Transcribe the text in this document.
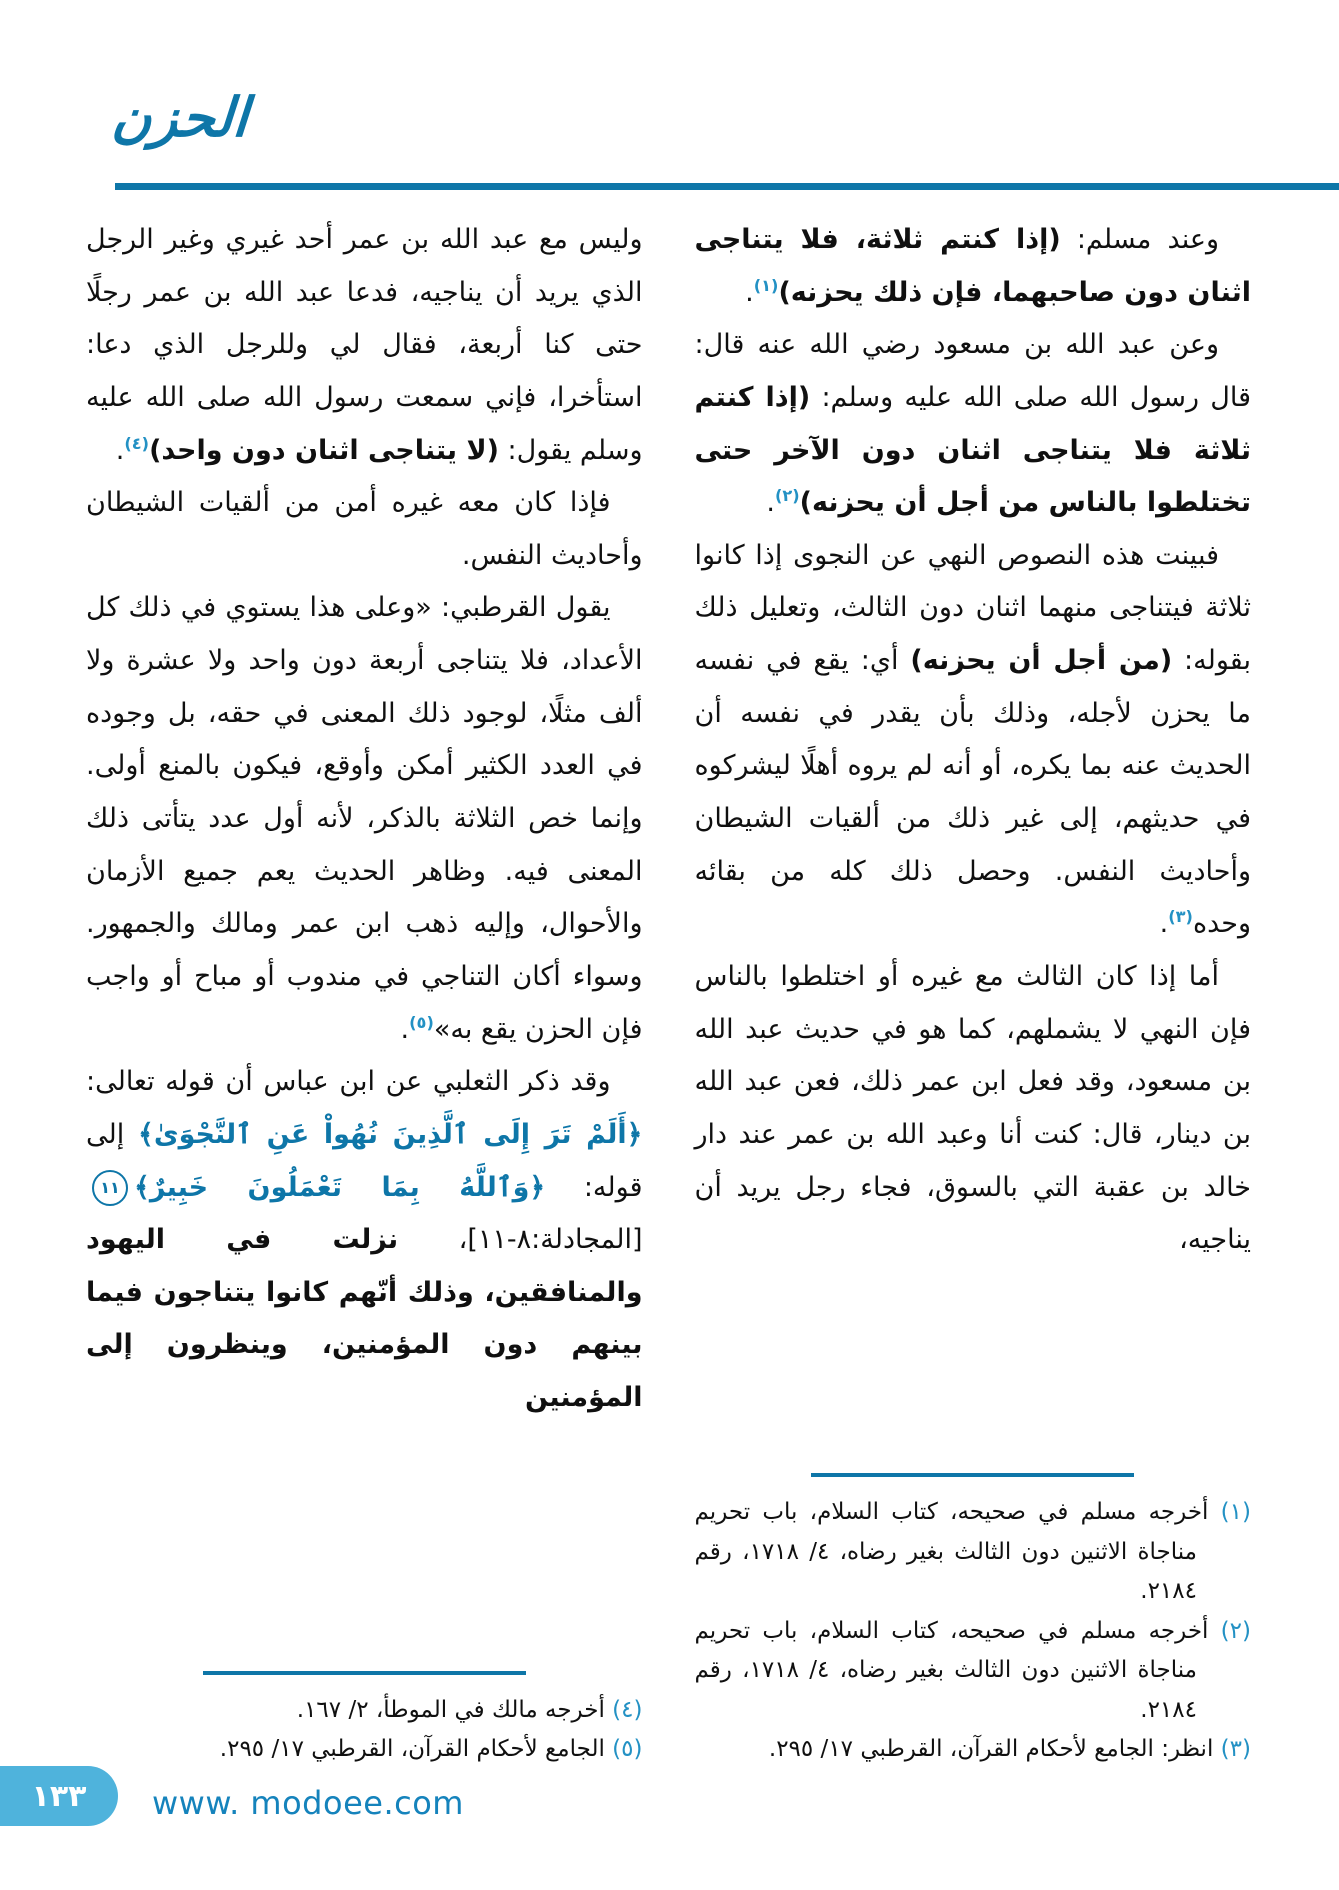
الحزن

وعند مسلم: (إذا كنتم ثلاثة، فلا يتناجى اثنان دون صاحبهما، فإن ذلك يحزنه)$^{(١)}$.

وعن عبد الله بن مسعود رضي الله عنه قال: قال رسول الله صلى الله عليه وسلم: (إذا كنتم ثلاثة فلا يتناجى اثنان دون الآخر حتى تختلطوا بالناس من أجل أن يحزنه)$^{(٢)}$.

فبينت هذه النصوص النهي عن النجوى إذا كانوا ثلاثة فيتناجى منهما اثنان دون الثالث، وتعليل ذلك بقوله: (من أجل أن يحزنه) أي: يقع في نفسه ما يحزن لأجله، وذلك بأن يقدر في نفسه أن الحديث عنه بما يكره، أو أنه لم يروه أهلًا ليشركوه في حديثهم، إلى غير ذلك من ألقيات الشيطان وأحاديث النفس. وحصل ذلك كله من بقائه وحده$^{(٣)}$.

أما إذا كان الثالث مع غيره أو اختلطوا بالناس فإن النهي لا يشملهم، كما هو في حديث عبد الله بن مسعود، وقد فعل ابن عمر ذلك، فعن عبد الله بن دينار، قال: كنت أنا وعبد الله بن عمر عند دار خالد بن عقبة التي بالسوق، فجاء رجل يريد أن يناجيه،

(١) أخرجه مسلم في صحيحه، كتاب السلام، باب تحريم مناجاة الاثنين دون الثالث بغير رضاه، ٤/ ١٧١٨، رقم ٢١٨٤.
(٢) أخرجه مسلم في صحيحه، كتاب السلام، باب تحريم مناجاة الاثنين دون الثالث بغير رضاه، ٤/ ١٧١٨، رقم ٢١٨٤.
(٣) انظر: الجامع لأحكام القرآن، القرطبي ١٧/ ٢٩٥.

وليس مع عبد الله بن عمر أحد غيري وغير الرجل الذي يريد أن يناجيه، فدعا عبد الله بن عمر رجلًا حتى كنا أربعة، فقال لي وللرجل الذي دعا: استأخرا، فإني سمعت رسول الله صلى الله عليه وسلم يقول: (لا يتناجى اثنان دون واحد)$^{(٤)}$.

فإذا كان معه غيره أمن من ألقيات الشيطان وأحاديث النفس.

يقول القرطبي: «وعلى هذا يستوي في ذلك كل الأعداد، فلا يتناجى أربعة دون واحد ولا عشرة ولا ألف مثلًا، لوجود ذلك المعنى في حقه، بل وجوده في العدد الكثير أمكن وأوقع، فيكون بالمنع أولى. وإنما خص الثلاثة بالذكر، لأنه أول عدد يتأتى ذلك المعنى فيه. وظاهر الحديث يعم جميع الأزمان والأحوال، وإليه ذهب ابن عمر ومالك والجمهور. وسواء أكان التناجي في مندوب أو مباح أو واجب فإن الحزن يقع به»$^{(٥)}$.

وقد ذكر الثعلبي عن ابن عباس أن قوله تعالى: ﴿أَلَمْ تَرَ إِلَى ٱلَّذِينَ نُهُواْ عَنِ ٱلنَّجْوَىٰ﴾ إلى قوله: ﴿وَٱللَّهُ بِمَا تَعْمَلُونَ خَبِيرٌ﴾١١ [المجادلة:٨-١١]، نزلت في اليهود والمنافقين، وذلك أنّهم كانوا يتناجون فيما بينهم دون المؤمنين، وينظرون إلى المؤمنين

(٤) أخرجه مالك في الموطأ، ٢/ ١٦٧.
(٥) الجامع لأحكام القرآن، القرطبي ١٧/ ٢٩٥.
١٣٣ www. modoee.com
